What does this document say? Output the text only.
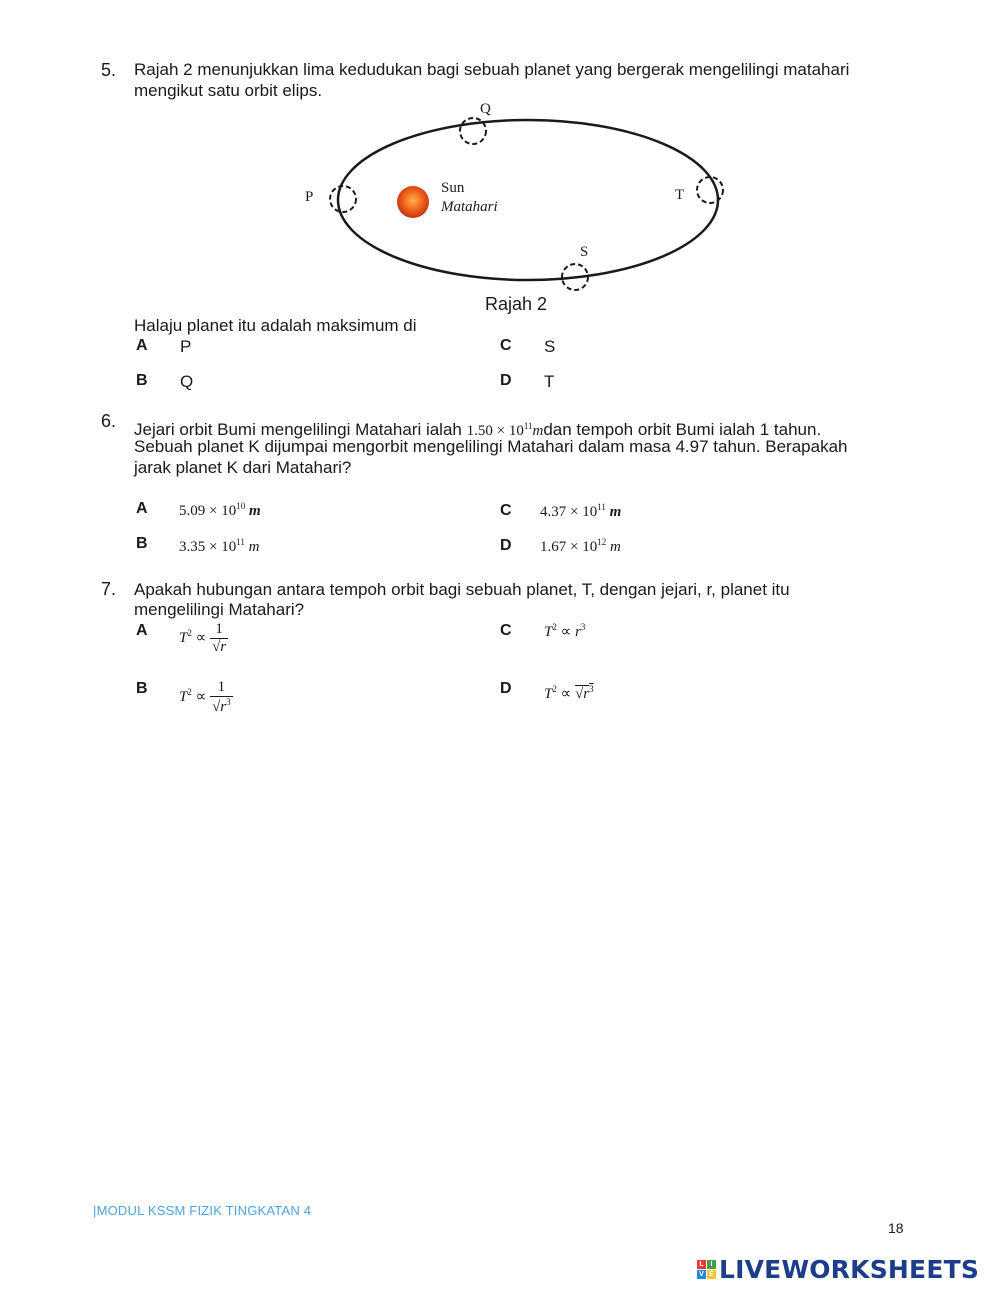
5. Rajah 2 menunjukkan lima kedudukan bagi sebuah planet yang bergerak mengelilingi matahari
mengikut satu orbit elips.
Q
P	T
S
Sun
Matahari
Rajah 2
Halaju planet itu adalah maksimum di
A P
B Q
C S
D T
6. Jejari orbit Bumi mengelilingi Matahari ialah $1.50 \times 10^{11}mdan$ tempoh orbit Bumi ialah 1 tahun.
Sebuah planet K dijumpai mengorbit mengelilingi Matahari dalam masa 4.97 tahun. Berapakah
jarak planet K dari Matahari?
A $5.09 \times 10^{10}$ m
B $3.35 \times 10^{11}$ m
C $4.37 \times 10^{11}$ m
D $1.67 \times 10^{12}$ m
7. Apakah hubungan antara tempoh orbit bagi sebuah planet, T, dengan jejari, r, planet itu
mengelilingi Matahari?
A $T^2 \propto \frac{1}{√r}$
B $T^2 \propto \frac{1}{√r^3}$
C $T^2 \propto r^3$
D $T^2 \propto √r^3$
|MODUL KSSM FIZIK TINGKATAN 4
18
L I
V E LIVEWORKSHEETS
